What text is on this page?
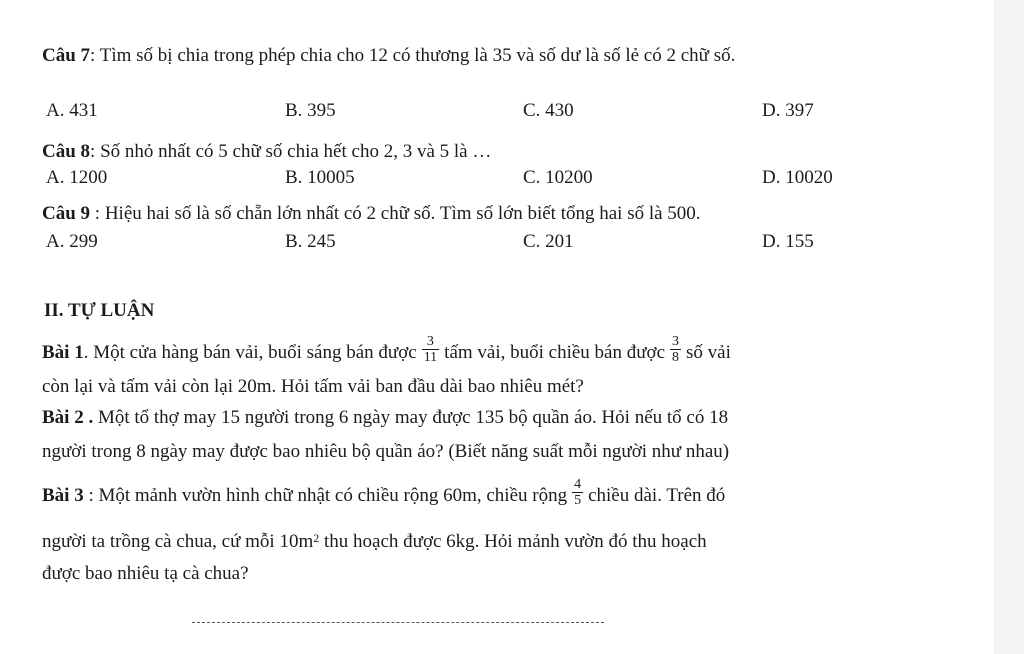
Câu 7: Tìm số bị chia trong phép chia cho 12 có thương là 35 và số dư là số lẻ có 2 chữ số.
A. 431	B. 395	C. 430	D. 397
Câu 8: Số nhỏ nhất có 5 chữ số chia hết cho 2, 3 và 5 là …
A. 1200	B. 10005	C. 10200	D. 10020
Câu 9 : Hiệu hai số là số chẵn lớn nhất có 2 chữ số. Tìm số lớn biết tổng hai số là 500.
A. 299	B. 245	C. 201	D. 155
II. TỰ LUẬN
Bài 1. Một cửa hàng bán vải, buổi sáng bán được $\frac{3}{11}$ tấm vải, buổi chiều bán được $\frac{3}{8}$ số vải
còn lại và tấm vải còn lại 20m. Hỏi tấm vải ban đầu dài bao nhiêu mét?
Bài 2 . Một tổ thợ may 15 người trong 6 ngày may được 135 bộ quần áo. Hỏi nếu tổ có 18
người trong 8 ngày may được bao nhiêu bộ quần áo? (Biết năng suất mỗi người như nhau)
Bài 3 : Một mảnh vườn hình chữ nhật có chiều rộng 60m, chiều rộng $\frac{4}{5}$ chiều dài. Trên đó
người ta trồng cà chua, cứ mỗi $10m^2$ thu hoạch được 6kg. Hỏi mảnh vườn đó thu hoạch
được bao nhiêu tạ cà chua?
